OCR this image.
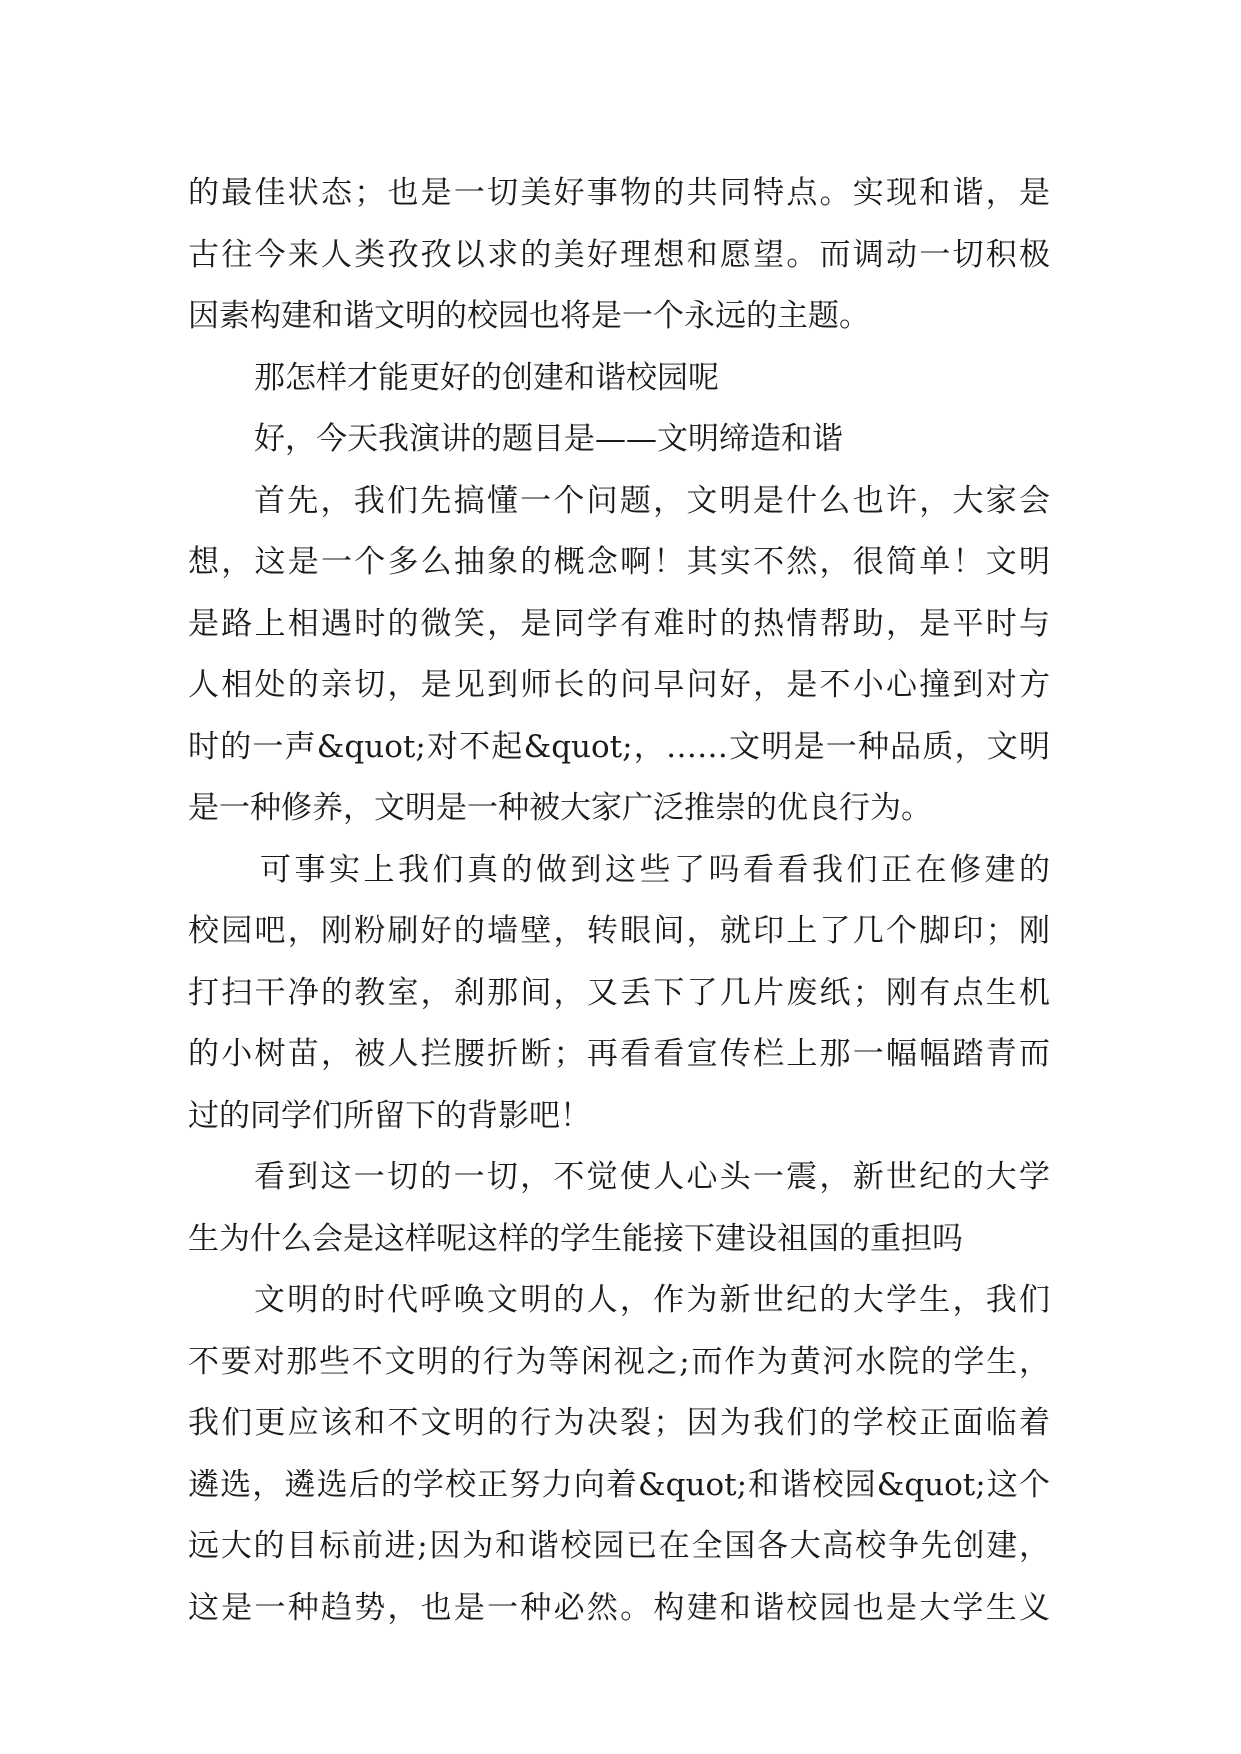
的最佳状态；也是一切美好事物的共同特点。实现和谐，是
古往今来人类孜孜以求的美好理想和愿望。而调动一切积极
因素构建和谐文明的校园也将是一个永远的主题。
那怎样才能更好的创建和谐校园呢
好，今天我演讲的题目是——文明缔造和谐
首先，我们先搞懂一个问题，文明是什么也许，大家会
想，这是一个多么抽象的概念啊！其实不然，很简单！文明
是路上相遇时的微笑，是同学有难时的热情帮助，是平时与
人相处的亲切，是见到师长的问早问好，是不小心撞到对方
时的一声&quot;对不起&quot;，……文明是一种品质，文明
是一种修养，文明是一种被大家广泛推崇的优良行为。
可事实上我们真的做到这些了吗看看我们正在修建的
校园吧，刚粉刷好的墙壁，转眼间，就印上了几个脚印；刚
打扫干净的教室，刹那间，又丢下了几片废纸；刚有点生机
的小树苗，被人拦腰折断；再看看宣传栏上那一幅幅踏青而
过的同学们所留下的背影吧！
看到这一切的一切，不觉使人心头一震，新世纪的大学
生为什么会是这样呢这样的学生能接下建设祖国的重担吗
文明的时代呼唤文明的人，作为新世纪的大学生，我们
不要对那些不文明的行为等闲视之;而作为黄河水院的学生，
我们更应该和不文明的行为决裂；因为我们的学校正面临着
遴选，遴选后的学校正努力向着&quot;和谐校园&quot;这个
远大的目标前进;因为和谐校园已在全国各大高校争先创建，
这是一种趋势，也是一种必然。构建和谐校园也是大学生义
